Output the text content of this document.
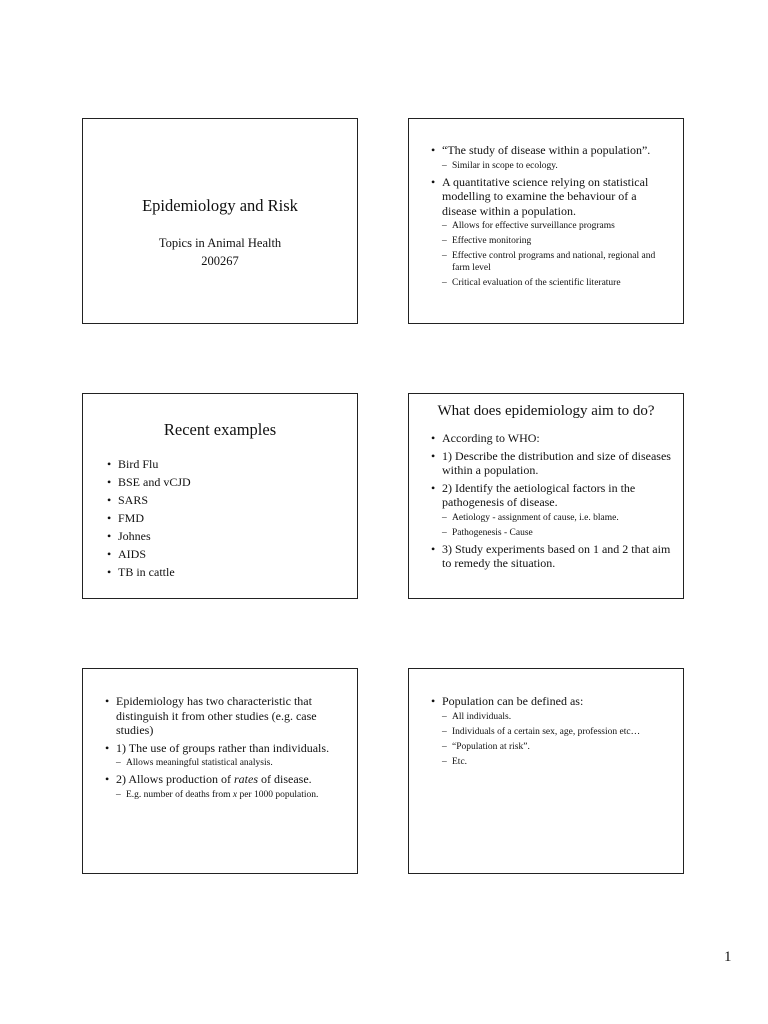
Epidemiology and Risk

Topics in Animal Health

200267

• “The study of disease within a population”.
– Similar in scope to ecology.
• A quantitative science relying on statistical modelling to examine the behaviour of a disease within a population.
– Allows for effective surveillance programs
– Effective monitoring
– Effective control programs and national, regional and farm level
– Critical evaluation of the scientific literature
Recent examples
• Bird Flu
• BSE and vCJD
• SARS
• FMD
• Johnes
• AIDS
• TB in cattle
What does epidemiology aim to do?
• According to WHO:
• 1) Describe the distribution and size of diseases within a population.
• 2) Identify the aetiological factors in the pathogenesis of disease.
– Aetiology - assignment of cause, i.e. blame.
– Pathogenesis - Cause
• 3) Study experiments based on 1 and 2 that aim to remedy the situation.
• Epidemiology has two characteristic that distinguish it from other studies (e.g. case studies)
• 1) The use of groups rather than individuals.
– Allows meaningful statistical analysis.
• 2) Allows production of rates of disease.
– E.g. number of deaths from x per 1000 population.
• Population can be defined as:
– All individuals.
– Individuals of a certain sex, age, profession etc…
– “Population at risk”.
– Etc.
1
